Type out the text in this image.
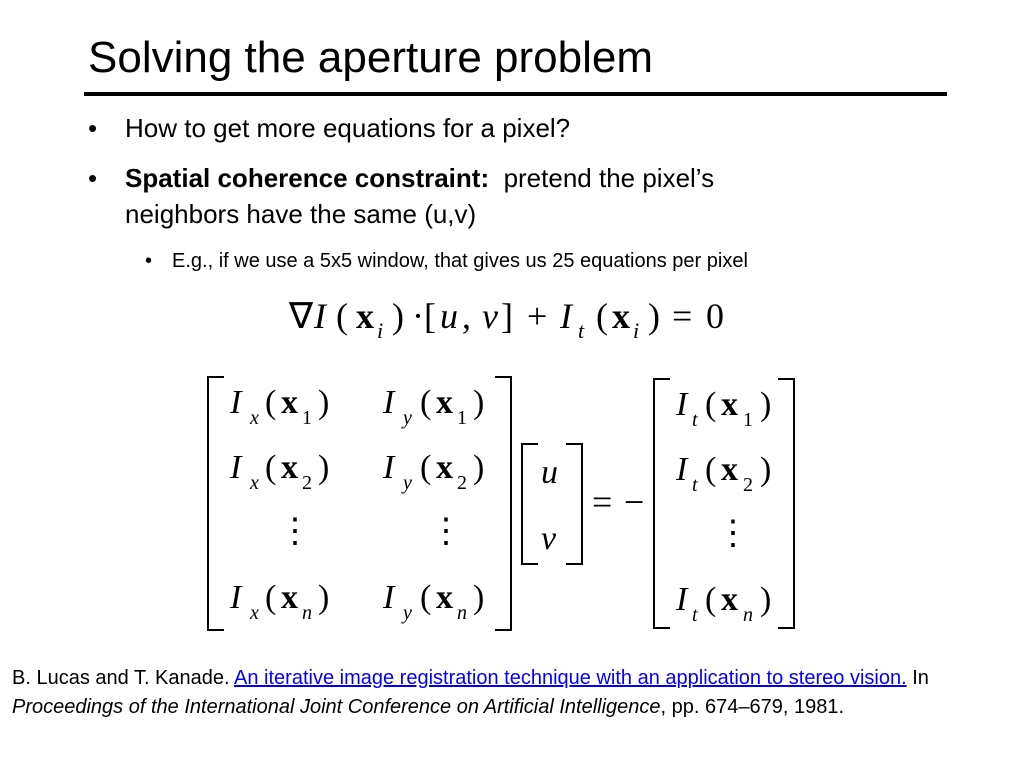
Solving the aperture problem
• How to get more equations for a pixel?
• Spatial coherence constraint: pretend the pixel’s
neighbors have the same (u,v)
• E.g., if we use a 5x5 window, that gives us 25 equations per pixel
∇ I ( x i ) · [ u , v ] + I t ( x i ) = 0
I x ( x 1 ) I y ( x 1 )
I x ( x 2 ) I y ( x 2 )
⋮	⋮
I x ( x n ) I y ( x n )
u
v
= −
I t ( x 1 )
I t ( x 2 )
⋮
I t ( x n )
B. Lucas and T. Kanade. An iterative image registration technique with an application to stereo vision. In Proceedings of the International Joint Conference on Artificial Intelligence, pp. 674–679, 1981.
